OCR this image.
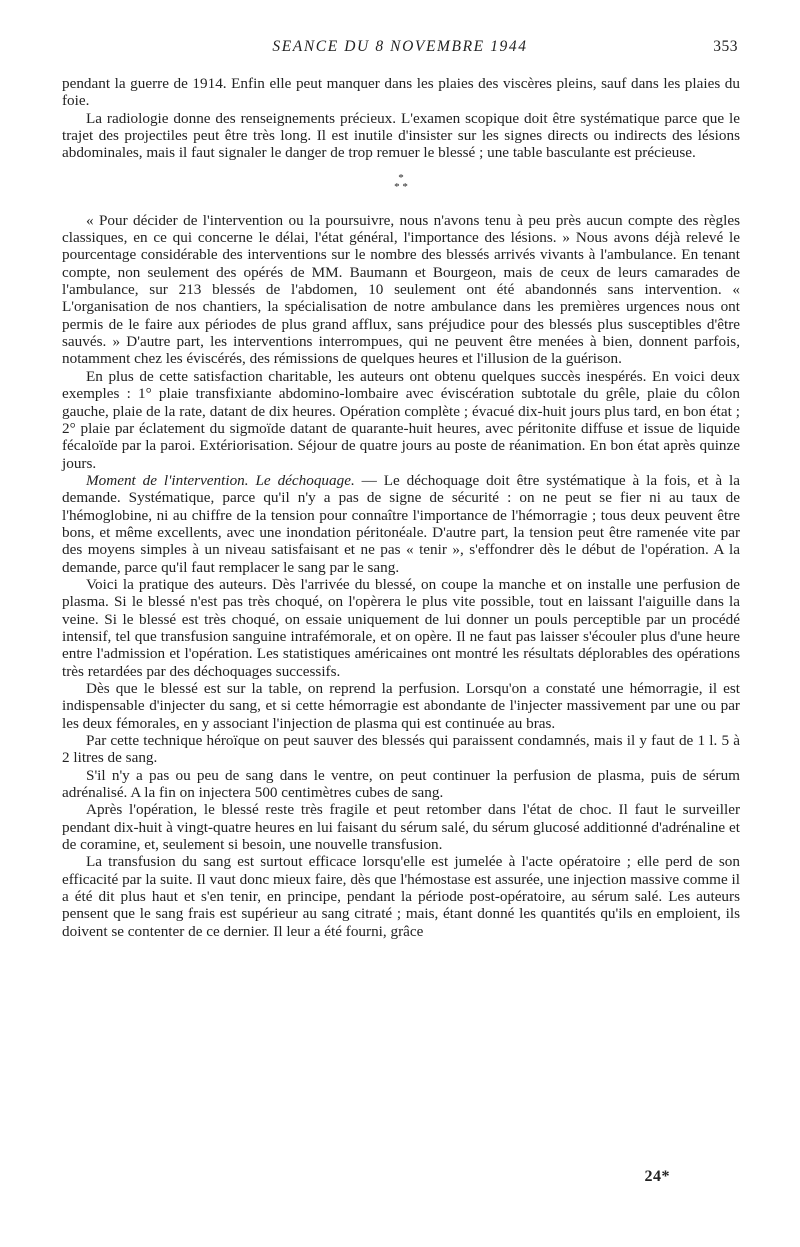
SEANCE DU 8 NOVEMBRE 1944	353

pendant la guerre de 1914. Enfin elle peut manquer dans les plaies des viscères pleins, sauf dans les plaies du foie.

La radiologie donne des renseignements précieux. L'examen scopique doit être systématique parce que le trajet des projectiles peut être très long. Il est inutile d'insister sur les signes directs ou indirects des lésions abdominales, mais il faut signaler le danger de trop remuer le blessé ; une table basculante est précieuse.

*
* *

« Pour décider de l'intervention ou la poursuivre, nous n'avons tenu à peu près aucun compte des règles classiques, en ce qui concerne le délai, l'état général, l'importance des lésions. » Nous avons déjà relevé le pourcentage considérable des interventions sur le nombre des blessés arrivés vivants à l'ambulance. En tenant compte, non seulement des opérés de MM. Baumann et Bourgeon, mais de ceux de leurs camarades de l'ambulance, sur 213 blessés de l'abdomen, 10 seulement ont été abandonnés sans intervention. « L'organisation de nos chantiers, la spécialisation de notre ambulance dans les premières urgences nous ont permis de le faire aux périodes de plus grand afflux, sans préjudice pour des blessés plus susceptibles d'être sauvés. » D'autre part, les interventions interrompues, qui ne peuvent être menées à bien, donnent parfois, notamment chez les éviscérés, des rémissions de quelques heures et l'illusion de la guérison.

En plus de cette satisfaction charitable, les auteurs ont obtenu quelques succès inespérés. En voici deux exemples : 1° plaie transfixiante abdomino-lombaire avec éviscération subtotale du grêle, plaie du côlon gauche, plaie de la rate, datant de dix heures. Opération complète ; évacué dix-huit jours plus tard, en bon état ; 2° plaie par éclatement du sigmoïde datant de quarante-huit heures, avec péritonite diffuse et issue de liquide fécaloïde par la paroi. Extériorisation. Séjour de quatre jours au poste de réanimation. En bon état après quinze jours.

Moment de l'intervention. Le déchoquage. — Le déchoquage doit être systématique à la fois, et à la demande. Systématique, parce qu'il n'y a pas de signe de sécurité : on ne peut se fier ni au taux de l'hémoglobine, ni au chiffre de la tension pour connaître l'importance de l'hémorragie ; tous deux peuvent être bons, et même excellents, avec une inondation péritonéale. D'autre part, la tension peut être ramenée vite par des moyens simples à un niveau satisfaisant et ne pas « tenir », s'effondrer dès le début de l'opération. A la demande, parce qu'il faut remplacer le sang par le sang.

Voici la pratique des auteurs. Dès l'arrivée du blessé, on coupe la manche et on installe une perfusion de plasma. Si le blessé n'est pas très choqué, on l'opèrera le plus vite possible, tout en laissant l'aiguille dans la veine. Si le blessé est très choqué, on essaie uniquement de lui donner un pouls perceptible par un procédé intensif, tel que transfusion sanguine intrafémorale, et on opère. Il ne faut pas laisser s'écouler plus d'une heure entre l'admission et l'opération. Les statistiques américaines ont montré les résultats déplorables des opérations très retardées par des déchoquages successifs.

Dès que le blessé est sur la table, on reprend la perfusion. Lorsqu'on a constaté une hémorragie, il est indispensable d'injecter du sang, et si cette hémorragie est abondante de l'injecter massivement par une ou par les deux fémorales, en y associant l'injection de plasma qui est continuée au bras.

Par cette technique héroïque on peut sauver des blessés qui paraissent condamnés, mais il y faut de 1 l. 5 à 2 litres de sang.

S'il n'y a pas ou peu de sang dans le ventre, on peut continuer la perfusion de plasma, puis de sérum adrénalisé. A la fin on injectera 500 centimètres cubes de sang.

Après l'opération, le blessé reste très fragile et peut retomber dans l'état de choc. Il faut le surveiller pendant dix-huit à vingt-quatre heures en lui faisant du sérum salé, du sérum glucosé additionné d'adrénaline et de coramine, et, seulement si besoin, une nouvelle transfusion.

La transfusion du sang est surtout efficace lorsqu'elle est jumelée à l'acte opératoire ; elle perd de son efficacité par la suite. Il vaut donc mieux faire, dès que l'hémostase est assurée, une injection massive comme il a été dit plus haut et s'en tenir, en principe, pendant la période post-opératoire, au sérum salé. Les auteurs pensent que le sang frais est supérieur au sang citraté ; mais, étant donné les quantités qu'ils en emploient, ils doivent se contenter de ce dernier. Il leur a été fourni, grâce

24*
